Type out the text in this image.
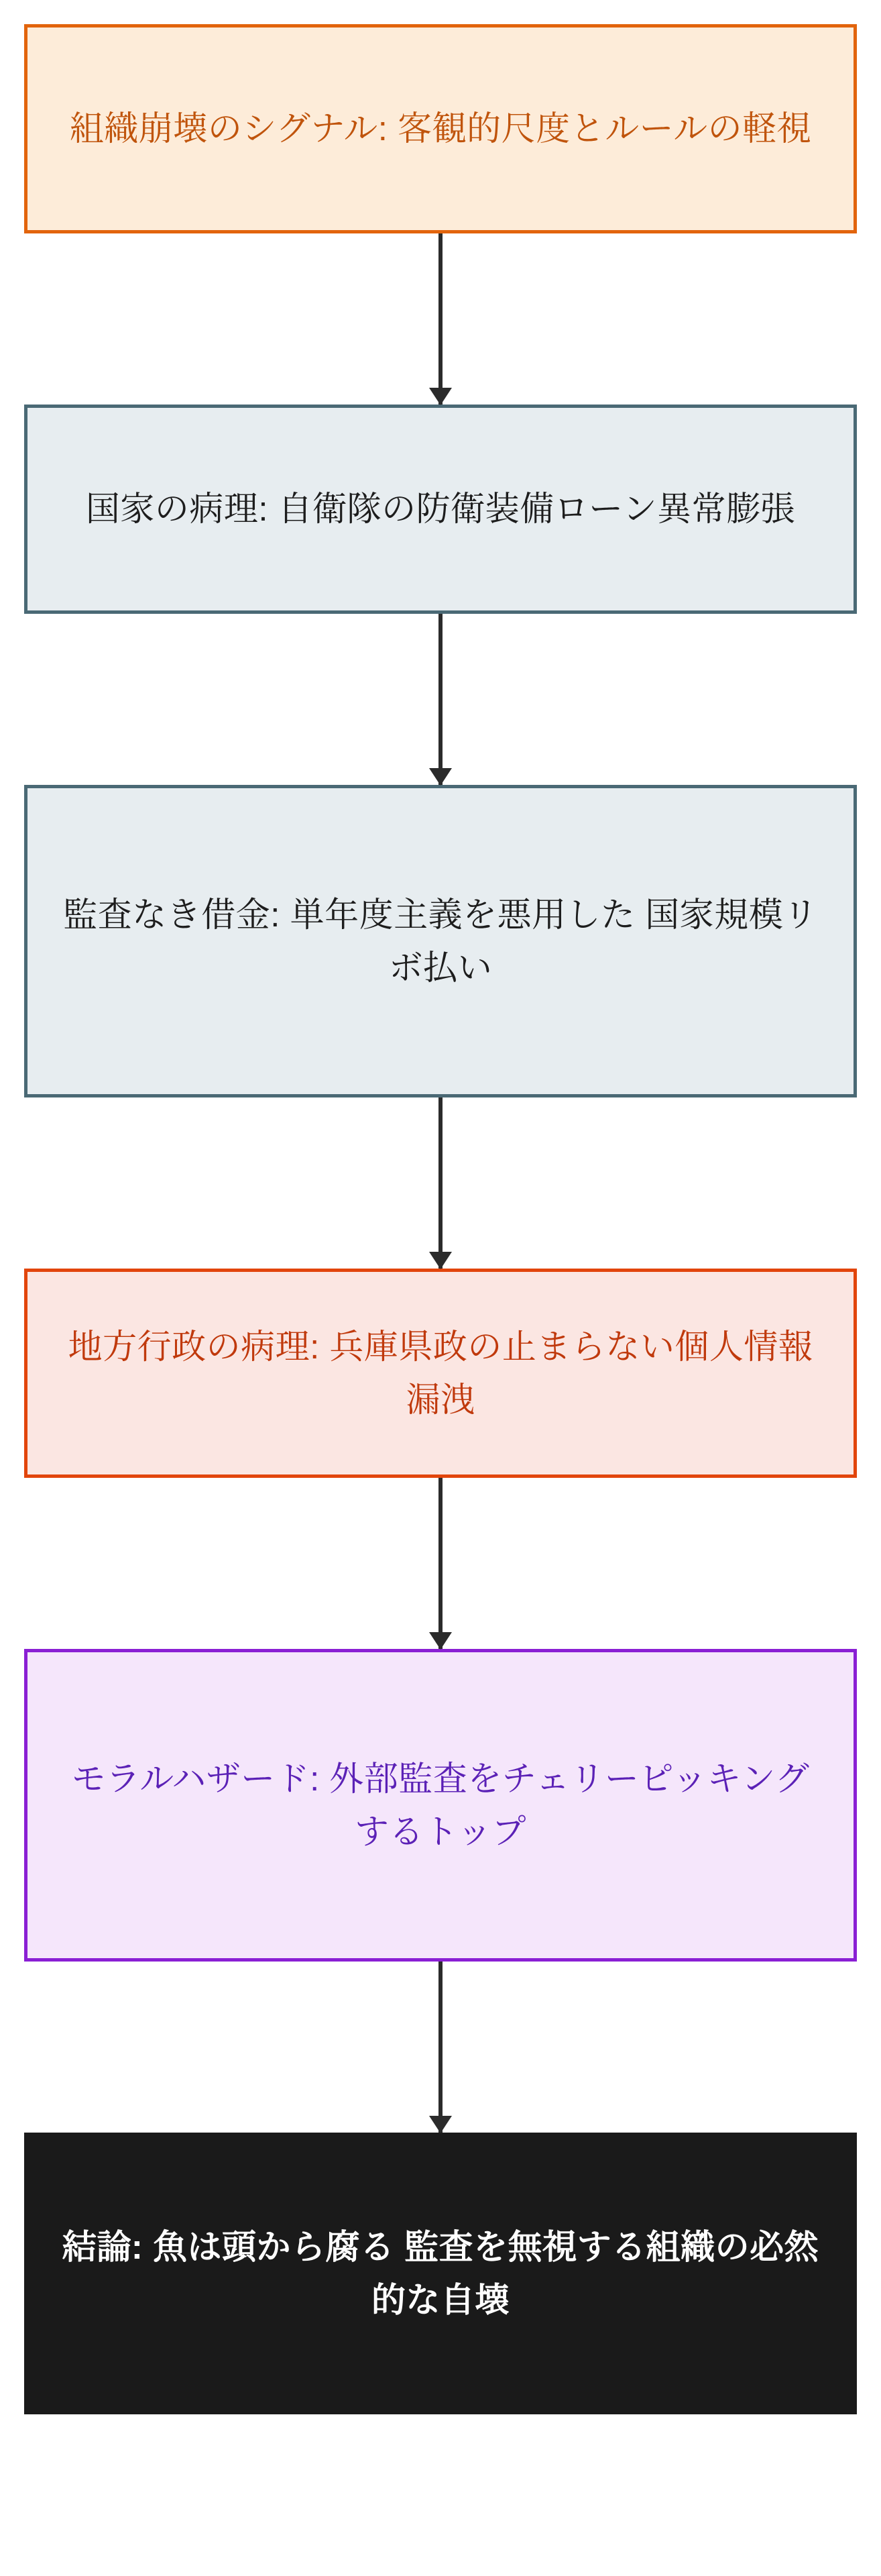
組織崩壊のシグナル: 客観的尺度とルールの軽視
国家の病理: 自衛隊の防衛装備ローン異常膨張
監査なき借金: 単年度主義を悪用した 国家規模リボ払い
地方行政の病理: 兵庫県政の止まらない個人情報漏洩
モラルハザード: 外部監査をチェリーピッキングするトップ
結論: 魚は頭から腐る 監査を無視する組織の必然的な自壊
